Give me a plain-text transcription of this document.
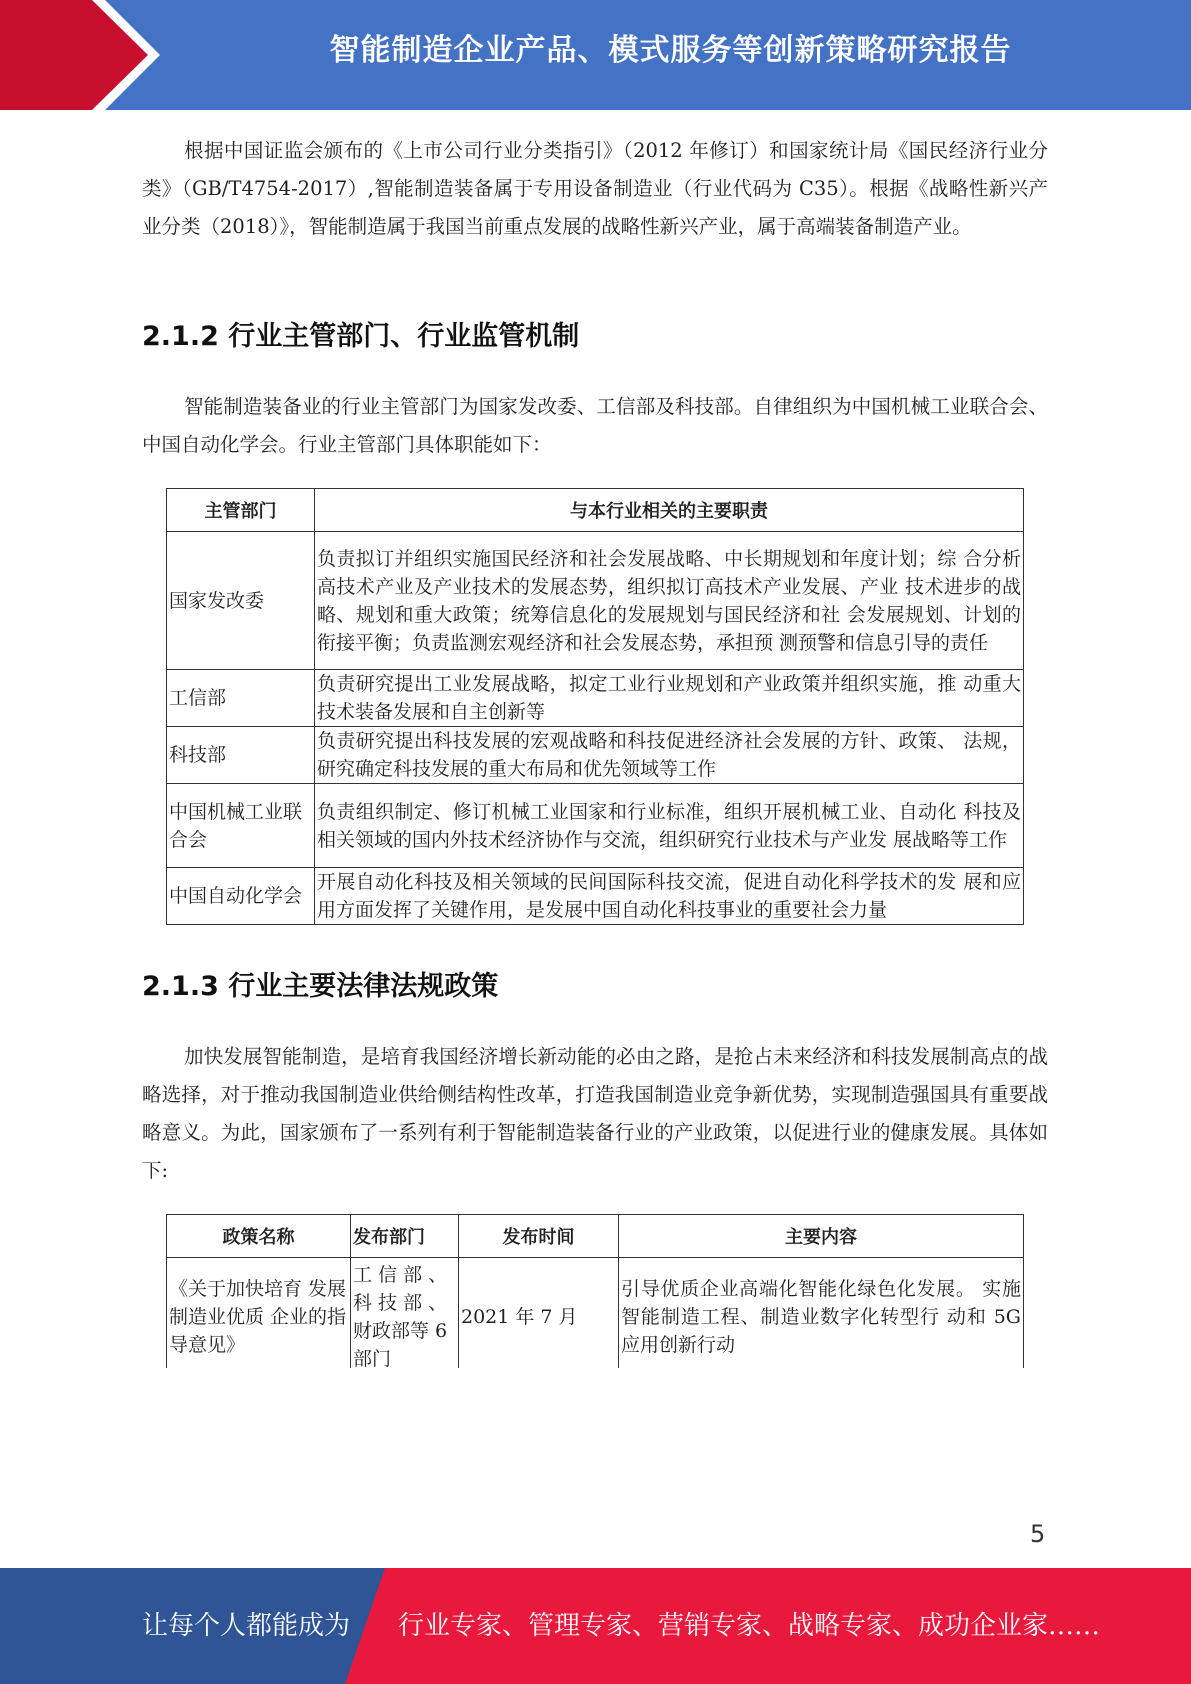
智能制造企业产品、模式服务等创新策略研究报告

根据中国证监会颁布的《上市公司行业分类指引》（2012 年修订）和国家统计局《国民经济行业分类》（GB/T4754-2017）,智能制造装备属于专用设备制造业（行业代码为 C35）。根据《战略性新兴产业分类（2018）》，智能制造属于我国当前重点发展的战略性新兴产业，属于高端装备制造产业。

2.1.2 行业主管部门、行业监管机制

智能制造装备业的行业主管部门为国家发改委、工信部及科技部。自律组织为中国机械工业联合会、中国自动化学会。行业主管部门具体职能如下：

主管部门	与本行业相关的主要职责
国家发改委	负责拟订并组织实施国民经济和社会发展战略、中长期规划和年度计划；综 合分析高技术产业及产业技术的发展态势，组织拟订高技术产业发展、产业 技术进步的战略、规划和重大政策；统筹信息化的发展规划与国民经济和社 会发展规划、计划的衔接平衡；负责监测宏观经济和社会发展态势，承担预 测预警和信息引导的责任
工信部	负责研究提出工业发展战略，拟定工业行业规划和产业政策并组织实施，推 动重大技术装备发展和自主创新等
科技部	负责研究提出科技发展的宏观战略和科技促进经济社会发展的方针、政策、 法规，研究确定科技发展的重大布局和优先领域等工作
中国机械工业联合会	负责组织制定、修订机械工业国家和行业标准，组织开展机械工业、自动化 科技及相关领域的国内外技术经济协作与交流，组织研究行业技术与产业发 展战略等工作
中国自动化学会	开展自动化科技及相关领域的民间国际科技交流，促进自动化科学技术的发 展和应用方面发挥了关键作用，是发展中国自动化科技事业的重要社会力量
2.1.3 行业主要法律法规政策

加快发展智能制造，是培育我国经济增长新动能的必由之路，是抢占未来经济和科技发展制高点的战略选择，对于推动我国制造业供给侧结构性改革，打造我国制造业竞争新优势，实现制造强国具有重要战略意义。为此，国家颁布了一系列有利于智能制造装备行业的产业政策，以促进行业的健康发展。具体如下:

政策名称	发布部门	发布时间	主要内容
《关于加快培育 发展制造业优质 企业的指导意见》	工 信 部 、科 技 部 、财政部等 6 部门	2021 年 7 月	引导优质企业高端化智能化绿色化发展。 实施智能制造工程、制造业数字化转型行 动和 5G 应用创新行动
5
让每个人都能成为 行业专家、管理专家、营销专家、战略专家、成功企业家……
